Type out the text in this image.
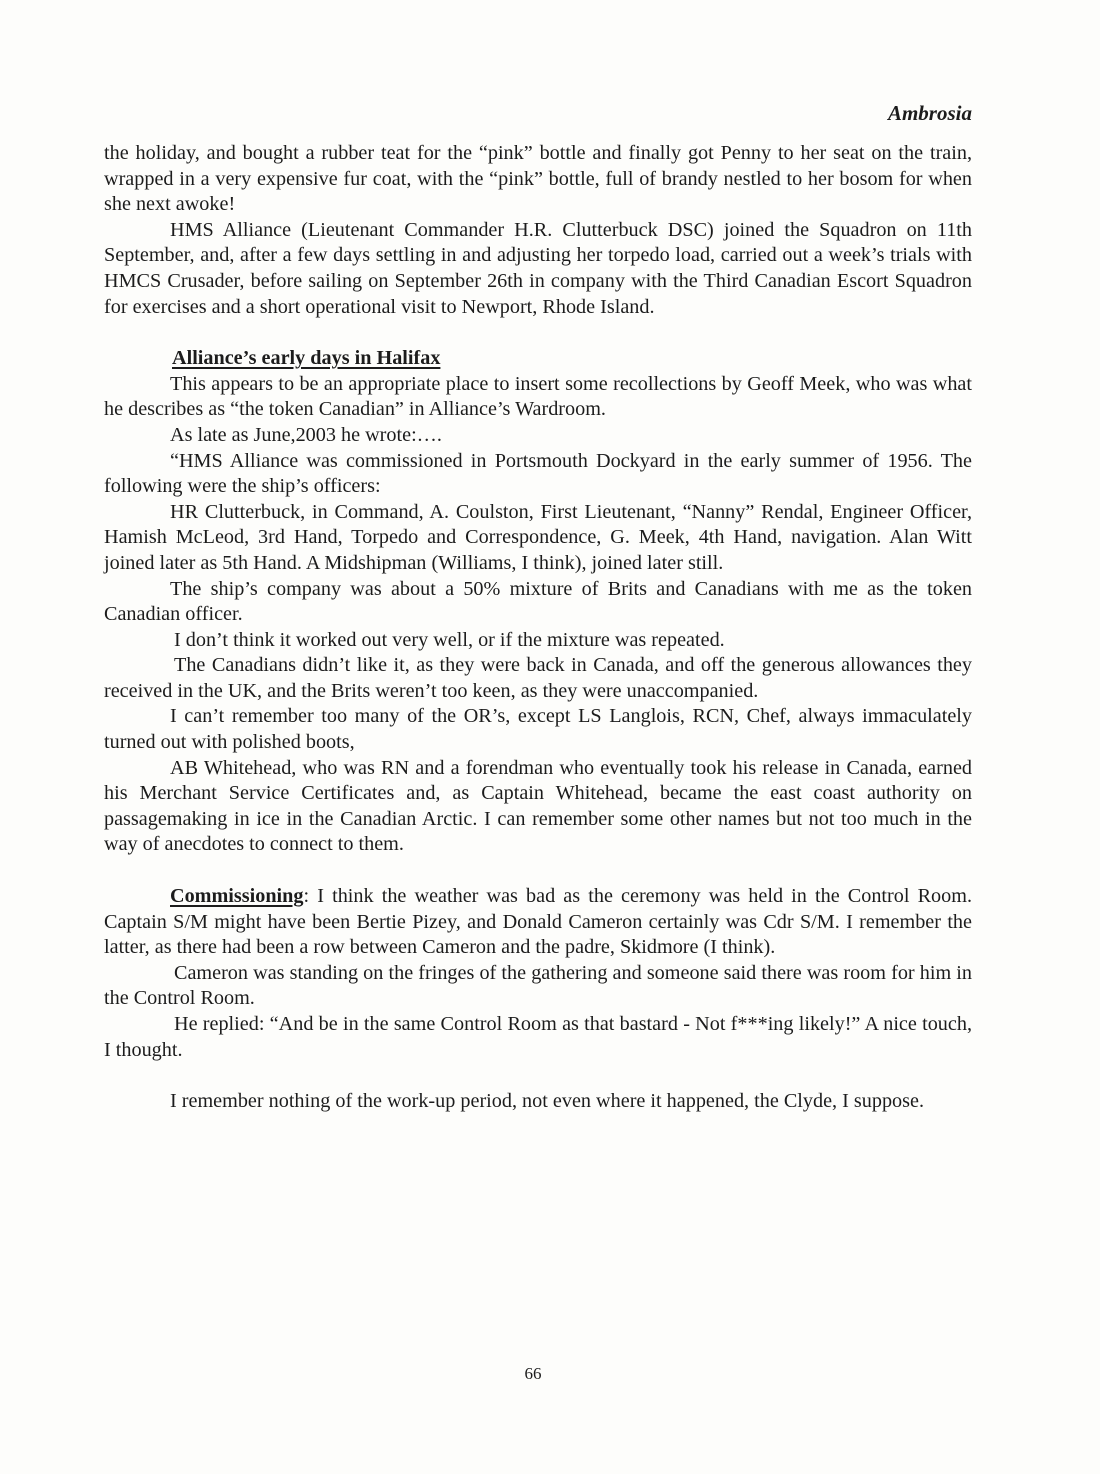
Ambrosia

the holiday, and bought a rubber teat for the “pink” bottle and finally got Penny to her seat on the train, wrapped in a very expensive fur coat, with the “pink” bottle, full of brandy nestled to her bosom for when she next awoke!

HMS Alliance (Lieutenant Commander H.R. Clutterbuck DSC) joined the Squadron on 11th September, and, after a few days settling in and adjusting her torpedo load, carried out a week’s trials with HMCS Crusader, before sailing on September 26th in company with the Third Canadian Escort Squadron for exercises and a short operational visit to Newport, Rhode Island.

Alliance’s early days in Halifax

This appears to be an appropriate place to insert some recollections by Geoff Meek, who was what he describes as “the token Canadian” in Alliance’s Wardroom.

As late as June,2003 he wrote:….

“HMS Alliance was commissioned in Portsmouth Dockyard in the early summer of 1956. The following were the ship’s officers:

HR Clutterbuck, in Command, A. Coulston, First Lieutenant, “Nanny” Rendal, Engineer Officer, Hamish McLeod, 3rd Hand, Torpedo and Correspondence, G. Meek, 4th Hand, navigation. Alan Witt joined later as 5th Hand. A Midshipman (Williams, I think), joined later still.

The ship’s company was about a 50% mixture of Brits and Canadians with me as the token Canadian officer.

I don’t think it worked out very well, or if the mixture was repeated.

The Canadians didn’t like it, as they were back in Canada, and off the generous allowances they received in the UK, and the Brits weren’t too keen, as they were unaccompanied.

I can’t remember too many of the OR’s, except LS Langlois, RCN, Chef, always immaculately turned out with polished boots,

AB Whitehead, who was RN and a forendman who eventually took his release in Canada, earned his Merchant Service Certificates and, as Captain Whitehead, became the east coast authority on passagemaking in ice in the Canadian Arctic. I can remember some other names but not too much in the way of anecdotes to connect to them.

Commissioning: I think the weather was bad as the ceremony was held in the Control Room. Captain S/M might have been Bertie Pizey, and Donald Cameron certainly was Cdr S/M. I remember the latter, as there had been a row between Cameron and the padre, Skidmore (I think).

Cameron was standing on the fringes of the gathering and someone said there was room for him in the Control Room.

He replied: “And be in the same Control Room as that bastard - Not f***ing likely!” A nice touch, I thought.

I remember nothing of the work-up period, not even where it happened, the Clyde, I suppose.

66
